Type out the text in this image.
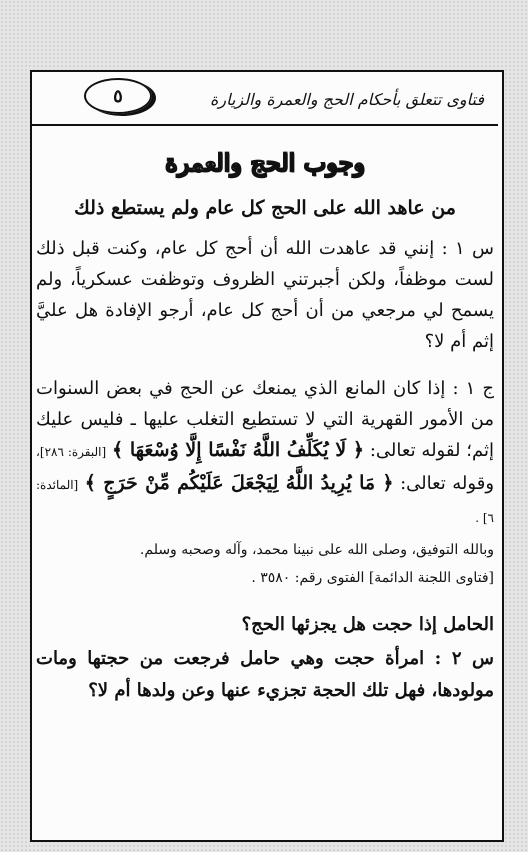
فتاوى تتعلق بأحكام الحج والعمرة والزيارة
٥
وجوب الحج والعمرة
من عاهد الله على الحج كل عام ولم يستطع ذلك

س ١ : إنني قد عاهدت الله أن أحج كل عام، وكنت قبل ذلك لست موظفاً، ولكن أجبرتني الظروف وتوظفت عسكرياً، ولم يسمح لي مرجعي من أن أحج كل عام، أرجو الإفادة هل عليَّ إثم أم لا؟

ج ١ : إذا كان المانع الذي يمنعك عن الحج في بعض السنوات من الأمور القهرية التي لا تستطيع التغلب عليها ـ فليس عليك إثم؛ لقوله تعالى: ﴿ لَا يُكَلِّفُ اللَّهُ نَفْسًا إِلَّا وُسْعَهَا ﴾ [البقرة: ٢٨٦]، وقوله تعالى: ﴿ مَا يُرِيدُ اللَّهُ لِيَجْعَلَ عَلَيْكُم مِّنْ حَرَجٍ ﴾ [المائدة: ٦] .

وبالله التوفيق، وصلى الله على نبينا محمد، وآله وصحبه وسلم.

[فتاوى اللجنة الدائمة] الفتوى رقم: ٣٥٨٠ .

الحامل إذا حجت هل يجزئها الحج؟

س ٢ : امرأة حجت وهي حامل فرجعت من حجتها ومات مولودها، فهل تلك الحجة تجزيء عنها وعن ولدها أم لا؟
